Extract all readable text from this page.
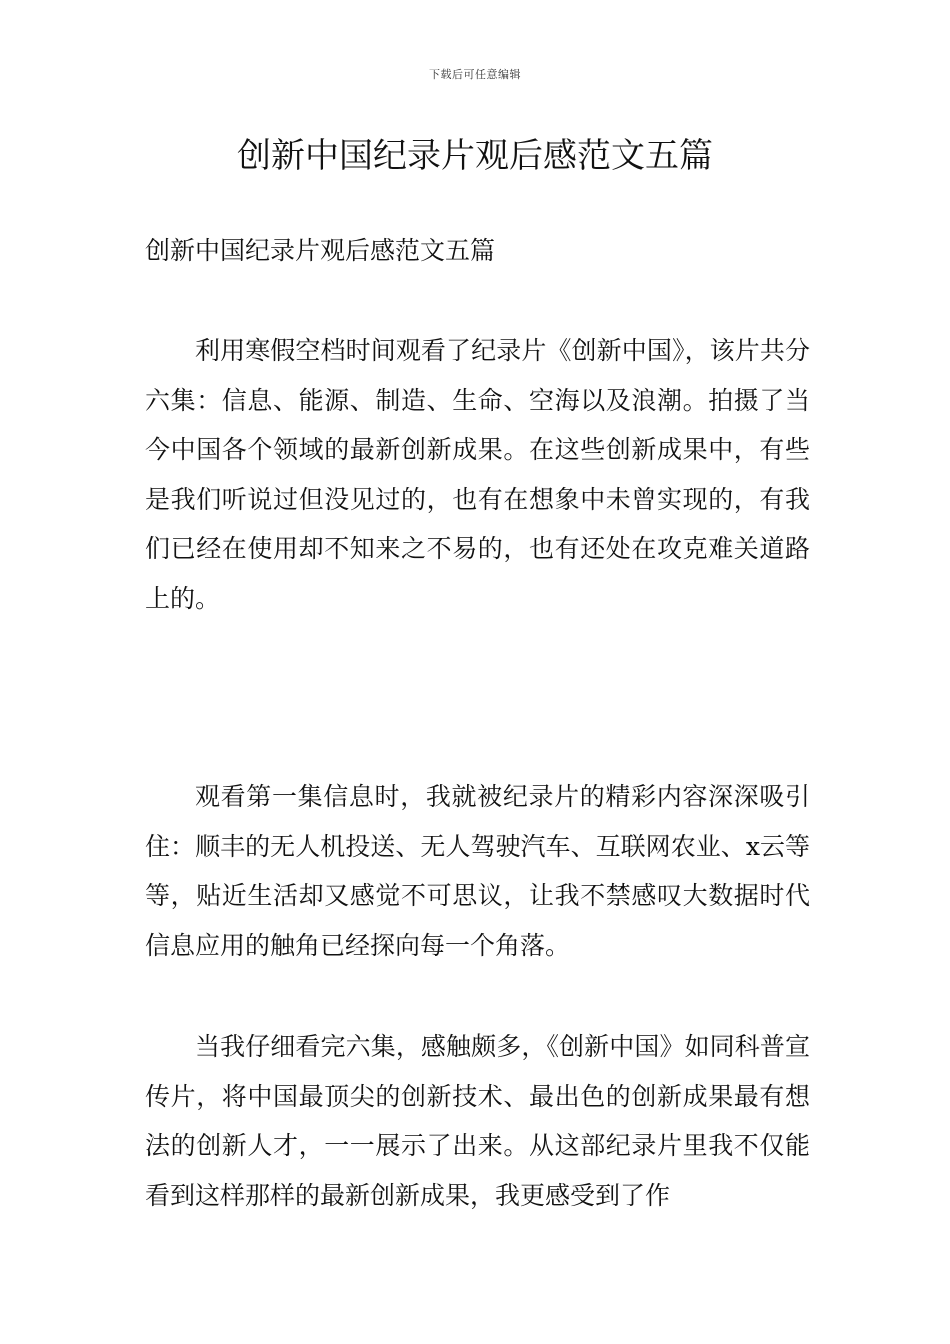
下载后可任意编辑
创新中国纪录片观后感范文五篇

创新中国纪录片观后感范文五篇

利用寒假空档时间观看了纪录片《创新中国》，该片共分六集：信息、能源、制造、生命、空海以及浪潮。拍摄了当今中国各个领域的最新创新成果。在这些创新成果中，有些是我们听说过但没见过的，也有在想象中未曾实现的，有我们已经在使用却不知来之不易的，也有还处在攻克难关道路上的。

观看第一集信息时，我就被纪录片的精彩内容深深吸引住：顺丰的无人机投送、无人驾驶汽车、互联网农业、x云等等，贴近生活却又感觉不可思议，让我不禁感叹大数据时代信息应用的触角已经探向每一个角落。

当我仔细看完六集，感触颇多，《创新中国》如同科普宣传片，将中国最顶尖的创新技术、最出色的创新成果最有想法的创新人才，一一展示了出来。从这部纪录片里我不仅能看到这样那样的最新创新成果，我更感受到了作
